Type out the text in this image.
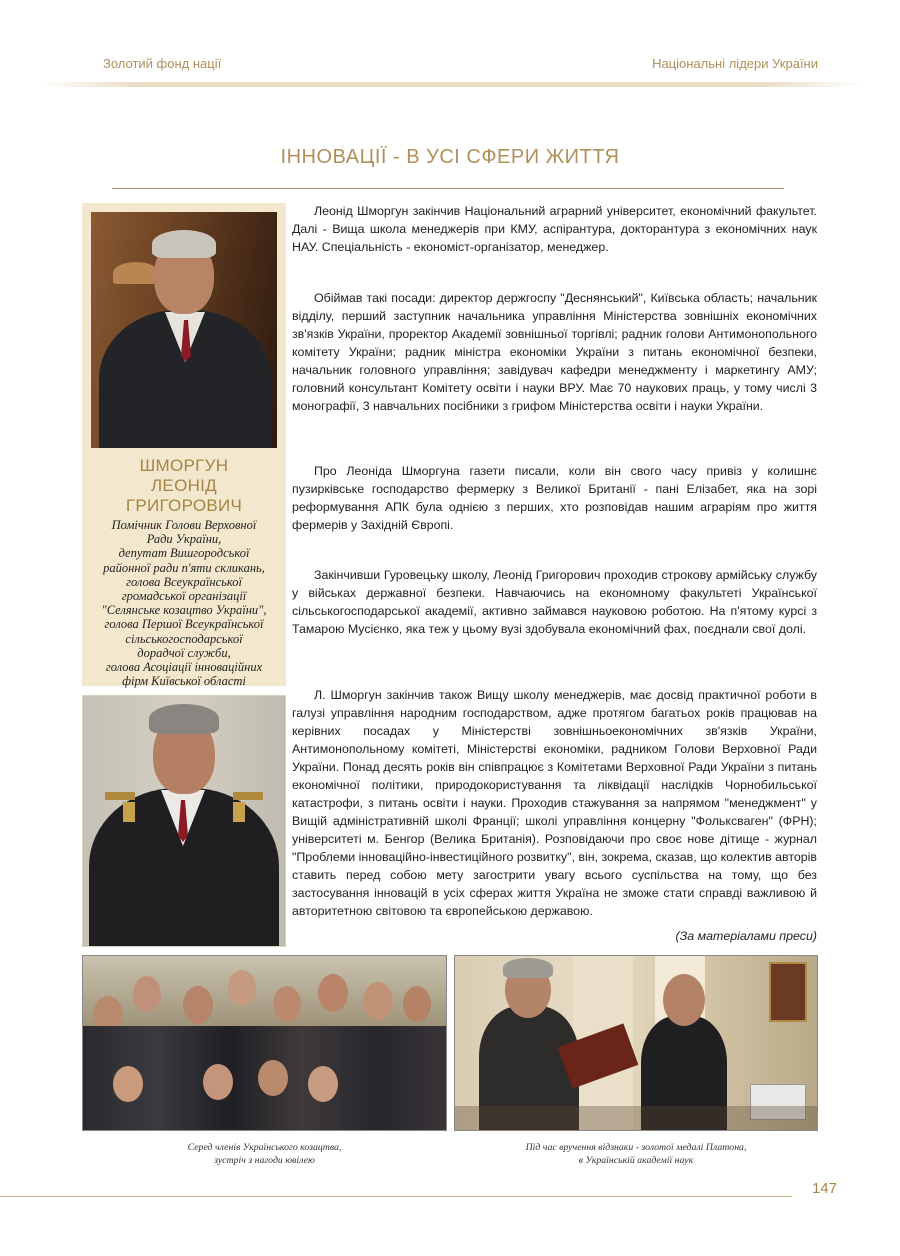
Золотий фонд нації	Національні лідери України
ІННОВАЦІЇ - В УСІ СФЕРИ ЖИТТЯ
ШМОРГУН
ЛЕОНІД
ГРИГОРОВИЧ
Помічник Голови Верховної
Ради України,
депутат Вишгородської
районної ради п'яти скликань,
голова Всеукраїнської
громадської організації
"Селянське козацтво України",
голова Першої Всеукраїнської
сільськогосподарської
дорадчої служби,
голова Асоціації інноваційних
фірм Київської області

Леонід Шморгун закінчив Національний аграрний університет, економічний факультет. Далі - Вища школа менеджерів при КМУ, аспірантура, докторантура з економічних наук НАУ. Спеціальність - економіст-організатор, менеджер.

Обіймав такі посади: директор держгоспу "Деснянський", Київська область; начальник відділу, перший заступник начальника управління Міністерства зовнішніх економічних зв'язків України, проректор Академії зовнішньої торгівлі; радник голови Антимонопольного комітету України; радник міністра економіки України з питань економічної безпеки, начальник головного управління; завідувач кафедри менеджменту і маркетингу АМУ; головний консультант Комітету освіти і науки ВРУ. Має 70 наукових праць, у тому числі 3 монографії, 3 навчальних посібники з грифом Міністерства освіти і науки України.

Про Леоніда Шморгуна газети писали, коли він свого часу привіз у колишнє пузирківське господарство фермерку з Великої Британії - пані Елізабет, яка на зорі реформування АПК була однією з перших, хто розповідав нашим аграріям про життя фермерів у Західній Європі.

Закінчивши Гуровецьку школу, Леонід Григорович проходив строкову армійську службу у військах державної безпеки. Навчаючись на економному факультеті Української сільськогосподарської академії, активно займався науковою роботою. На п'ятому курсі з Тамарою Мусієнко, яка теж у цьому вузі здобувала економічний фах, поєднали свої долі.

Л. Шморгун закінчив також Вищу школу менеджерів, має досвід практичної роботи в галузі управління народним господарством, адже протягом багатьох років працював на керівних посадах у Міністерстві зовнішньоекономічних зв'язків України, Антимонопольному комітеті, Міністерстві економіки, радником Голови Верховної Ради України. Понад десять років він співпрацює з Комітетами Верховної Ради України з питань економічної політики, природокористування та ліквідації наслідків Чорнобильської катастрофи, з питань освіти і науки. Проходив стажування за напрямом "менеджмент" у Вищій адміністративній школі Франції; школі управління концерну "Фольксваген" (ФРН); університеті м. Бенгор (Велика Британія). Розповідаючи про своє нове дітище - журнал "Проблеми інноваційно-інвестиційного розвитку", він, зокрема, сказав, що колектив авторів ставить перед собою мету загострити увагу всього суспільства на тому, що без застосування інновацій в усіх сферах життя Україна не зможе стати справді важливою й авторитетною світовою та європейською державою.

(За матеріалами преси)
Серед членів Українського козацтва,
зустріч з нагоди ювілею
Під час вручення відзнаки - золотої медалі Платона,
в Українській академії наук
147
